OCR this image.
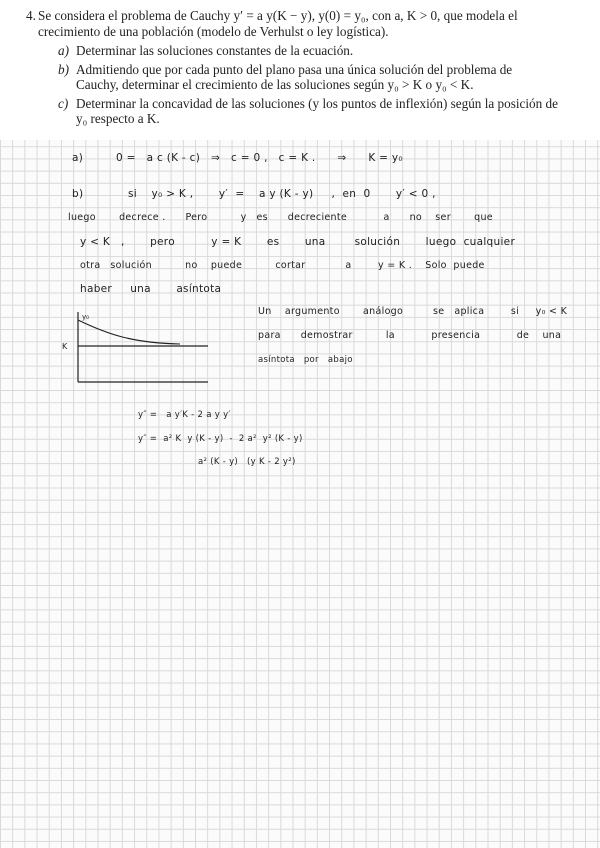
4. Se considera el problema de Cauchy y′ = a y(K − y), y(0) = y₀, con a, K > 0, que modela el crecimiento de una población (modelo de Verhulst o ley logística).

a) Determinar las soluciones constantes de la ecuación.
b) Admitiendo que por cada punto del plano pasa una única solución del problema de Cauchy, determinar el crecimiento de las soluciones según y₀ > K o y₀ < K.
c) Determinar la concavidad de las soluciones (y los puntos de inflexión) según la posición de y₀ respecto a K.
a)	0 =   a c (K - c)   ⇒   c = 0 ,   c = K .      ⇒      K = y₀
b)	si    y₀ > K ,       y′  =    a y (K - y)     ,  en  0       y′ < 0 ,
luego       decrece .      Pero          y   es      decreciente           a      no    ser       que
y < K   ,       pero          y = K       es       una        solución       luego  cualquier
otra   solución          no    puede          cortar            a        y = K .    Solo  puede
haber     una       asíntota
Un    argumento       análogo         se   aplica        si     y₀ < K
para      demostrar          la           presencia           de    una
asíntota   por   abajo
y₀
K
y″ =   a y′K - 2 a y y′
y″ =  a² K  y (K - y)  -  2 a²  y² (K - y)
a² (K - y)   (y K - 2 y²)
